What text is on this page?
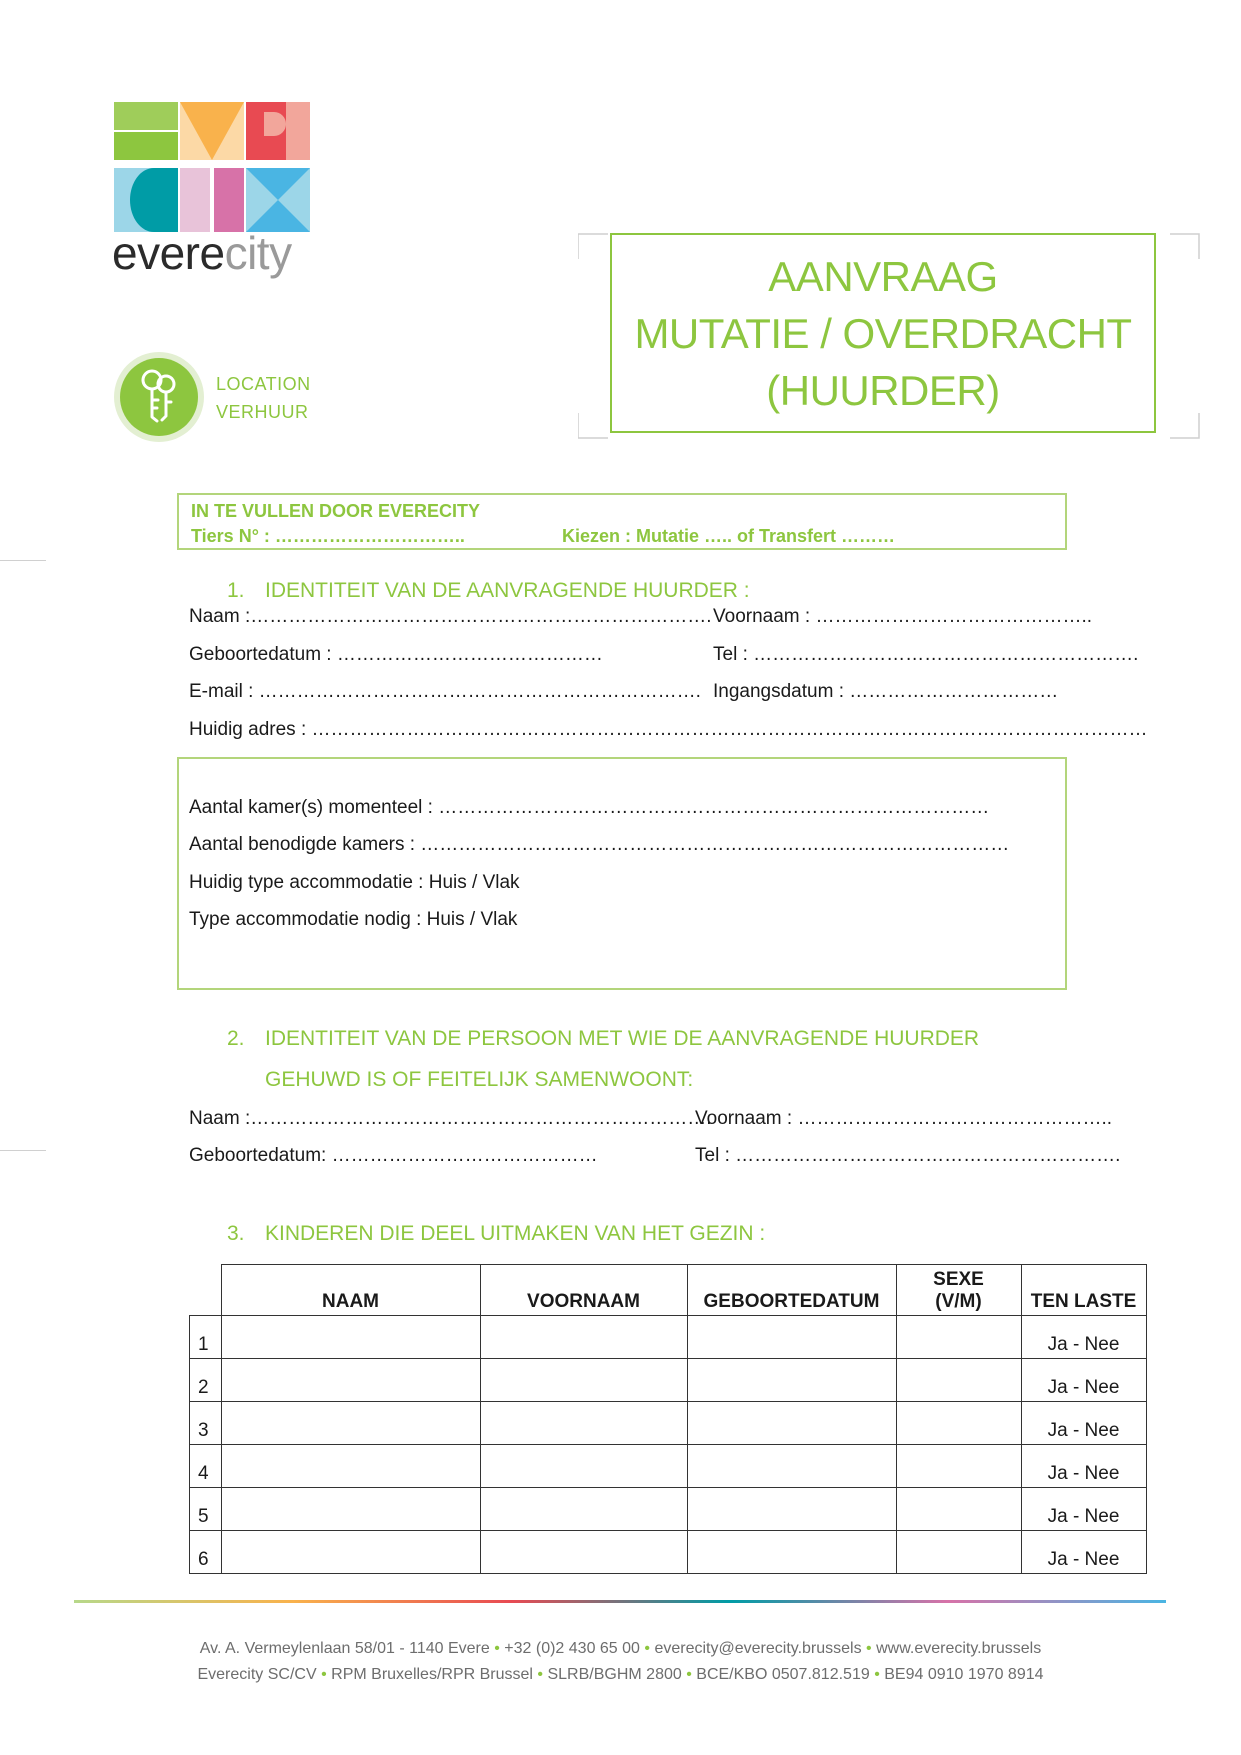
everecity
LOCATION
VERHUUR
AANVRAAG
MUTATIE / OVERDRACHT
(HUURDER)
IN TE VULLEN DOOR EVERECITY
Tiers N° : …………………………..	Kiezen : Mutatie ….. of Transfert ………
1. IDENTITEIT VAN DE AANVRAGENDE HUURDER :
Naam :………………………………………………………………. Voornaam : ……………………………………..
Geboortedatum : ……………………………………	Tel : …………………………………………………….
E-mail : ……………………………………………………………. Ingangsdatum : ……………………………
Huidig adres : ……………………………………………………………………………………………………………………
Aantal kamer(s) momenteel : ……………………………………………………………………………
Aantal benodigde kamers : …………………………………………………………………………………
Huidig type accommodatie : Huis / Vlak
Type accommodatie nodig : Huis / Vlak
2. IDENTITEIT VAN DE PERSOON MET WIE DE AANVRAGENDE HUURDER
GEHUWD IS OF FEITELIJK SAMENWOONT:
Naam :……………………………………………………………….
Voornaam : …………………………………………..
Geboortedatum: ……………………………………	Tel : …………………………………………………….
3. KINDEREN DIE DEEL UITMAKEN VAN HET GEZIN :
	NAAM	VOORNAAM	GEBOORTEDATUM	SEXE
(V/M)	TEN LASTE
1					Ja - Nee
2					Ja - Nee
3					Ja - Nee
4					Ja - Nee
5					Ja - Nee
6					Ja - Nee
Av. A. Vermeylenlaan 58/01 - 1140 Evere • +32 (0)2 430 65 00 • everecity@everecity.brussels • www.everecity.brussels
Everecity SC/CV • RPM Bruxelles/RPR Brussel • SLRB/BGHM 2800 • BCE/KBO 0507.812.519 • BE94 0910 1970 8914
